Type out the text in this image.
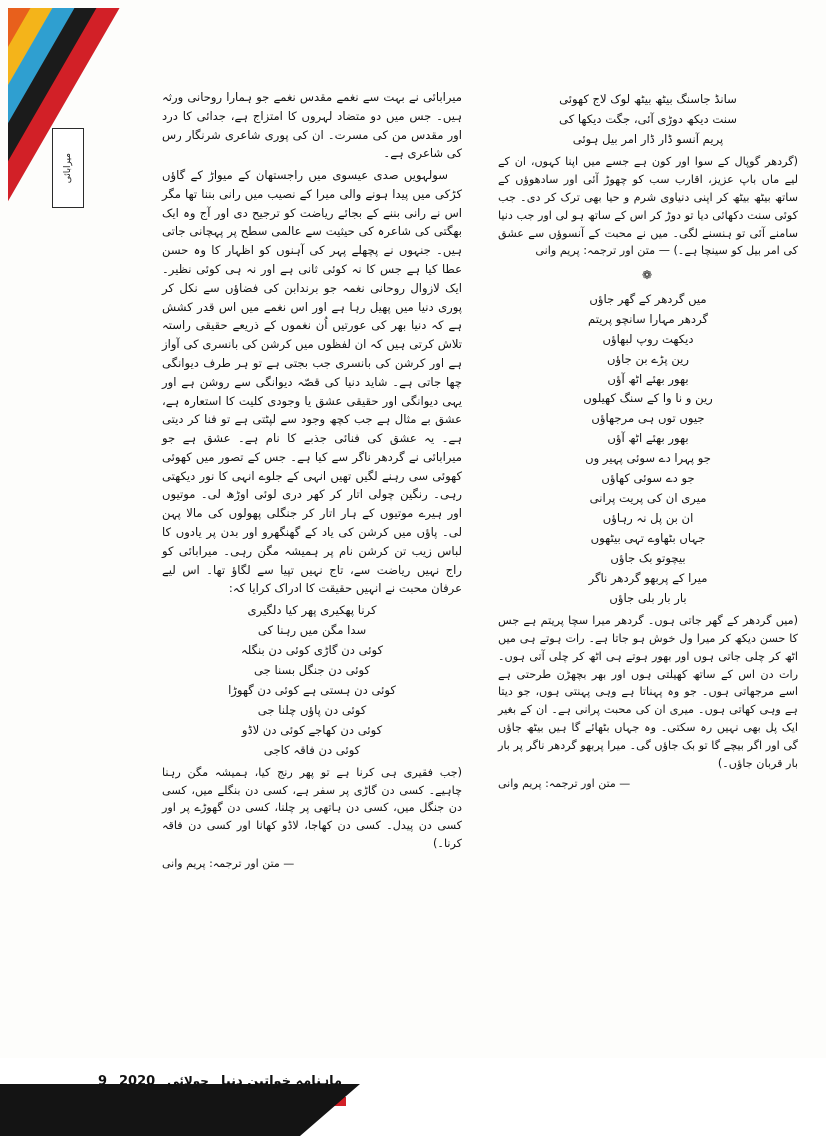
میرابائی
سانڈ جاسنگ بیٹھ بیٹھ لوک لاج کھوئی
سنت دیکھ دوڑی آئی، جگت دیکھا کی
پریم آنسو ڈار ڈار امر بیل ہوئی

(گردھر گوپال کے سوا اور کون ہے جسے میں اپنا کہوں، ان کے لیے ماں باپ عزیز، اقارب سب کو چھوڑ آئی اور سادھوؤں کے ساتھ بیٹھ بیٹھ کر اپنی دنیاوی شرم و حیا بھی ترک کر دی۔ جب کوئی سنت دکھائی دیا تو دوڑ کر اس کے ساتھ ہو لی اور جب دنیا سامنے آئی تو ہنسنے لگی۔ میں نے محبت کے آنسوؤں سے عشق کی امر بیل کو سینچا ہے۔) — متن اور ترجمہ: پریم وانی

❁
میں گردھر کے گھر جاؤں
گردھر مہارا سانچو پریتم
دیکھت روپ لبھاؤں
رین پڑے بن جاؤں
بھور بھئے اٹھ آؤں
رین و نا وا کے سنگ کھیلوں
جیوں توں ہی مرجھاؤں
بھور بھئے اٹھ آؤں
جو پہرا دے سوئی پہیر وں
جو دے سوئی کھاؤں
میری ان کی پریت پرانی
ان بن پل نہ رہاؤں
جہاں بٹھاوے تہی بیٹھوں
بیچوتو بک جاؤں
میرا کے پربھو گردھر ناگر
بار بار بلی جاؤں

(میں گردھر کے گھر جاتی ہوں۔ گردھر میرا سچا پریتم ہے جس کا حسن دیکھ کر میرا ول خوش ہو جاتا ہے۔ رات ہوتے ہی میں اٹھ کر چلی جاتی ہوں اور بھور ہوتے ہی اٹھ کر چلی آتی ہوں۔ رات دن اس کے ساتھ کھیلتی ہوں اور بھر بچھڑن طرحتی ہے اسے مرجھاتی ہوں۔ جو وہ پہناتا ہے وہی پہنتی ہوں، جو دیتا ہے وہی کھاتی ہوں۔ میری ان کی محبت پرانی ہے۔ ان کے بغیر ایک پل بھی نہیں رہ سکتی۔ وہ جہاں بٹھائے گا ہیں بیٹھ جاؤں گی اور اگر بیچے گا تو بک جاؤں گی۔ میرا پربھو گردھر ناگر پر بار بار قربان جاؤں۔)

— متن اور ترجمہ: پریم وانی

میرابائی نے بہت سے نغمے مقدس نغمے جو ہمارا روحانی ورثہ ہیں۔ جس میں دو متضاد لہروں کا امتزاج ہے، جدائی کا درد اور مقدس من کی مسرت۔ ان کی پوری شاعری شرنگار رس کی شاعری ہے۔

سولہویں صدی عیسوی میں راجستھان کے میواڑ کے گاؤں کڑکی میں پیدا ہونے والی میرا کے نصیب میں رانی بننا تھا مگر اس نے رانی بننے کے بجائے ریاضت کو ترجیح دی اور آج وہ ایک بھگتی کی شاعرہ کی حیثیت سے عالمی سطح پر پہچانی جاتی ہیں۔ جنہوں نے پچھلے پہر کی آہنوں کو اظہار کا وہ حسن عطا کیا ہے جس کا نہ کوئی ثانی ہے اور نہ ہی کوئی نظیر۔ ایک لازوال روحانی نغمہ جو برندابن کی فضاؤں سے نکل کر پوری دنیا میں پھیل رہا ہے اور اس نغمے میں اس قدر کشش ہے کہ دنیا بھر کی عورتیں اُن نغموں کے ذریعے حقیقی راستہ تلاش کرتی ہیں کہ ان لفظوں میں کرشن کی بانسری کی آواز ہے اور کرشن کی بانسری جب بجتی ہے تو ہر طرف دیوانگی چھا جاتی ہے۔ شاید دنیا کی قصّہ دیوانگی سے روشن ہے اور یہی دیوانگی اور حقیقی عشق یا وجودی کلیت کا استعارہ ہے، عشق بے مثال ہے جب کچھ وجود سے لپٹتی ہے تو فنا کر دیتی ہے۔ یہ عشق کی فنائی جذبے کا نام ہے۔ عشق ہے جو میرابائی نے گردھر ناگر سے کیا ہے۔ جس کے تصور میں کھوئی کھوئی سی رہنے لگیں تھیں انہی کے جلوے انہی کا نور دیکھتی رہی۔ رنگین چولی اتار کر کھر دری لوئی اوڑھ لی۔ موتیوں اور ہیرے موتیوں کے ہار اتار کر جنگلی پھولوں کی مالا پہن لی۔ پاؤں میں کرشن کی یاد کے گھنگھرو اور بدن پر یادوں کا لباس زیب تن کرشن نام پر ہمیشہ مگن رہی۔ میرابائی کو راج نہیں ریاضت سے، تاج نہیں تپیا سے لگاؤ تھا۔ اس لیے عرفان محبت نے انہیں حقیقت کا ادراک کرایا کہ:

کرنا پھکیری پھر کیا دلگیری
سدا مگن میں رہنا کی
کوئی دن گاڑی کوئی دن بنگلہ
کوئی دن جنگل بسنا جی
کوئی دن ہستی ہے کوئی دن گھوڑا
کوئی دن پاؤں چلنا جی
کوئی دن کھاجے کوئی دن لاڈو
کوئی دن فاقہ کاجی

(جب فقیری ہی کرنا ہے تو پھر رنج کیا، ہمیشہ مگن رہنا چاہیے۔ کسی دن گاڑی پر سفر ہے، کسی دن بنگلے میں، کسی دن جنگل میں، کسی دن ہاتھی پر چلنا، کسی دن گھوڑے پر اور کسی دن پیدل۔ کسی دن کھاجا، لاڈو کھانا اور کسی دن فاقہ کرنا۔)

— متن اور ترجمہ: پریم وانی

ماہنامہ خواتین دنیا
جولائی
2020
9
